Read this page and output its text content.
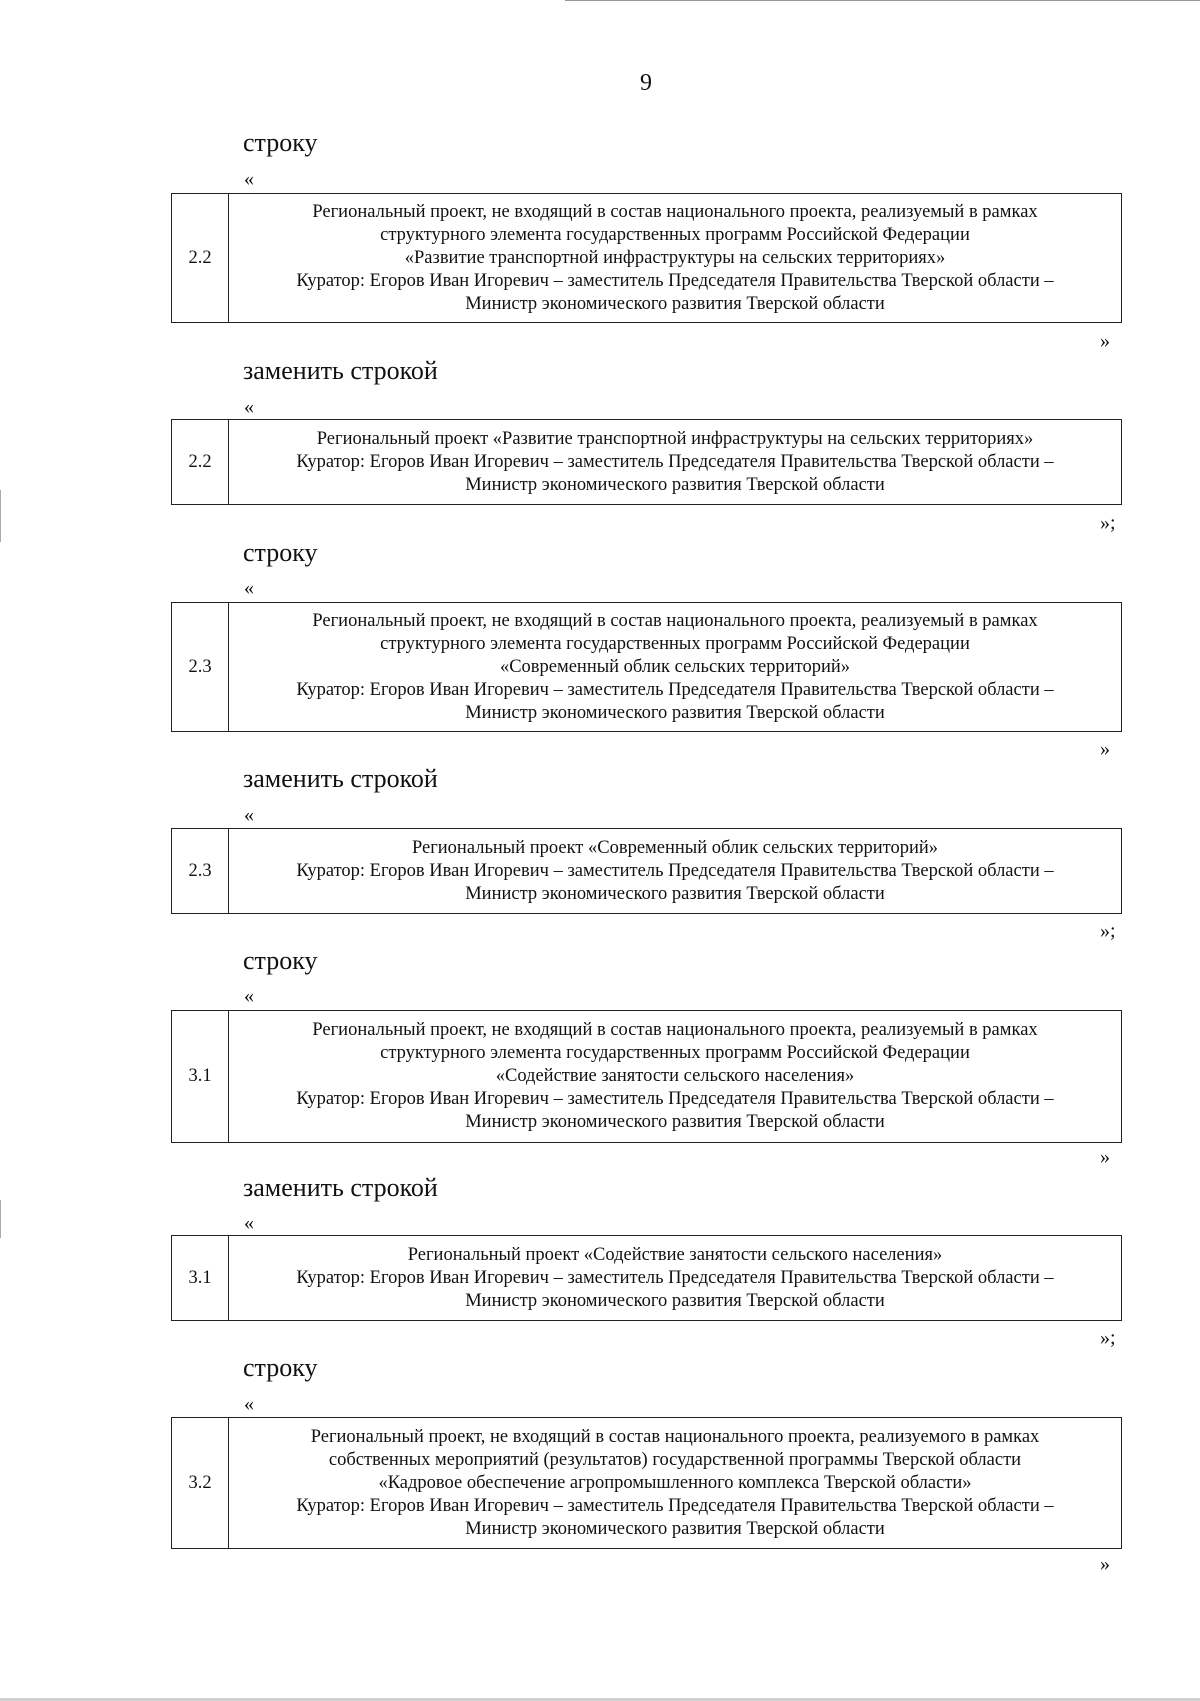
9
строку
«
2.2	
Региональный проект, не входящий в состав национального проекта, реализуемый в рамках
структурного элемента государственных программ Российской Федерации
«Развитие транспортной инфраструктуры на сельских территориях»
Куратор: Егоров Иван Игоревич – заместитель Председателя Правительства Тверской области –
Министр экономического развития Тверской области
»
заменить строкой
«
2.2	
Региональный проект «Развитие транспортной инфраструктуры на сельских территориях»
Куратор: Егоров Иван Игоревич – заместитель Председателя Правительства Тверской области –
Министр экономического развития Тверской области
»;
строку
«
2.3	
Региональный проект, не входящий в состав национального проекта, реализуемый в рамках
структурного элемента государственных программ Российской Федерации
«Современный облик сельских территорий»
Куратор: Егоров Иван Игоревич – заместитель Председателя Правительства Тверской области –
Министр экономического развития Тверской области
»
заменить строкой
«
2.3	
Региональный проект «Современный облик сельских территорий»
Куратор: Егоров Иван Игоревич – заместитель Председателя Правительства Тверской области –
Министр экономического развития Тверской области
»;
строку
«
3.1	
Региональный проект, не входящий в состав национального проекта, реализуемый в рамках
структурного элемента государственных программ Российской Федерации
«Содействие занятости сельского населения»
Куратор: Егоров Иван Игоревич – заместитель Председателя Правительства Тверской области –
Министр экономического развития Тверской области
»
заменить строкой
«
3.1	
Региональный проект «Содействие занятости сельского населения»
Куратор: Егоров Иван Игоревич – заместитель Председателя Правительства Тверской области –
Министр экономического развития Тверской области
»;
строку
«
3.2	
Региональный проект, не входящий в состав национального проекта, реализуемого в рамках
собственных мероприятий (результатов) государственной программы Тверской области
«Кадровое обеспечение агропромышленного комплекса Тверской области»
Куратор: Егоров Иван Игоревич – заместитель Председателя Правительства Тверской области –
Министр экономического развития Тверской области
»
